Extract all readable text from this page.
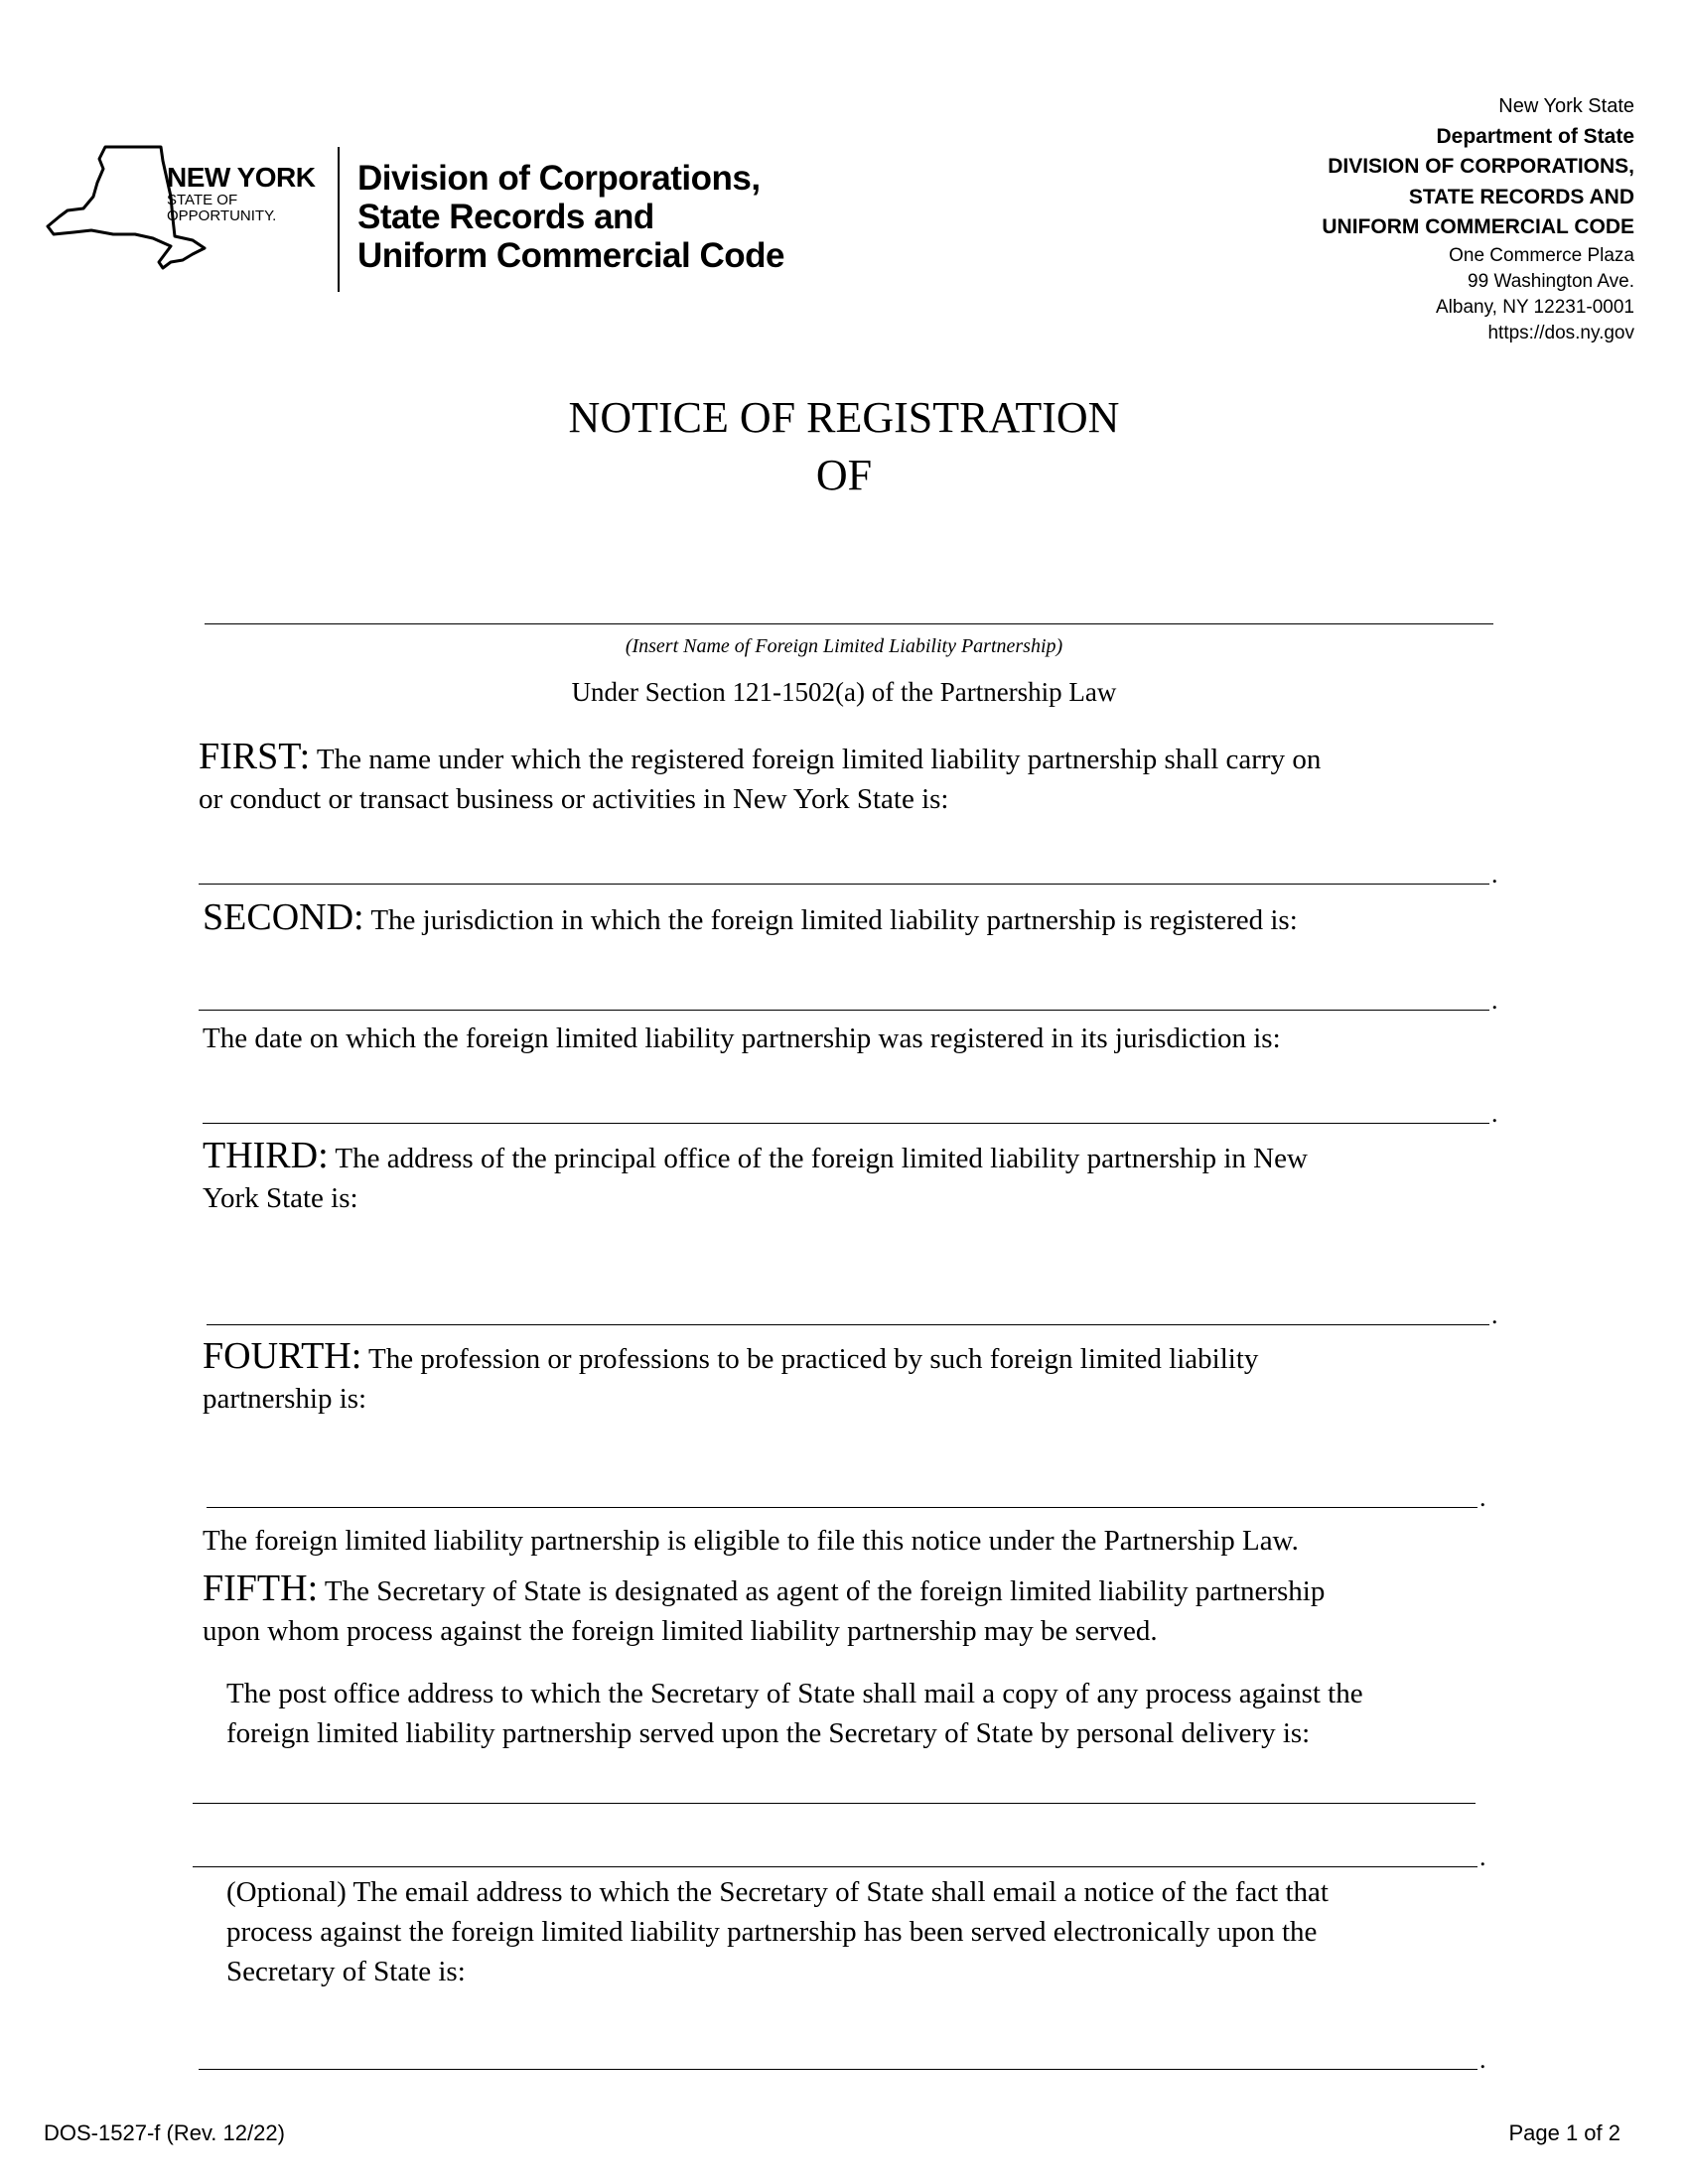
NEW YORK
STATE OF
OPPORTUNITY.
Division of Corporations,
State Records and
Uniform Commercial Code
New York State
Department of State
DIVISION OF CORPORATIONS,
STATE RECORDS AND
UNIFORM COMMERCIAL CODE
One Commerce Plaza
99 Washington Ave.
Albany, NY 12231-0001
https://dos.ny.gov
NOTICE OF REGISTRATION
OF
(Insert Name of Foreign Limited Liability Partnership)
Under Section 121-1502(a) of the Partnership Law
FIRST: The name under which the registered foreign limited liability partnership shall carry on
or conduct or transact business or activities in New York State is:
.
SECOND: The jurisdiction in which the foreign limited liability partnership is registered is:
.
The date on which the foreign limited liability partnership was registered in its jurisdiction is:
.
THIRD: The address of the principal office of the foreign limited liability partnership in New
York State is:
.
FOURTH: The profession or professions to be practiced by such foreign limited liability
partnership is:
.
The foreign limited liability partnership is eligible to file this notice under the Partnership Law.
FIFTH: The Secretary of State is designated as agent of the foreign limited liability partnership
upon whom process against the foreign limited liability partnership may be served.
The post office address to which the Secretary of State shall mail a copy of any process against the
foreign limited liability partnership served upon the Secretary of State by personal delivery is:
.
(Optional) The email address to which the Secretary of State shall email a notice of the fact that
process against the foreign limited liability partnership has been served electronically upon the
Secretary of State is:
.
DOS-1527-f (Rev. 12/22)	Page 1 of 2
